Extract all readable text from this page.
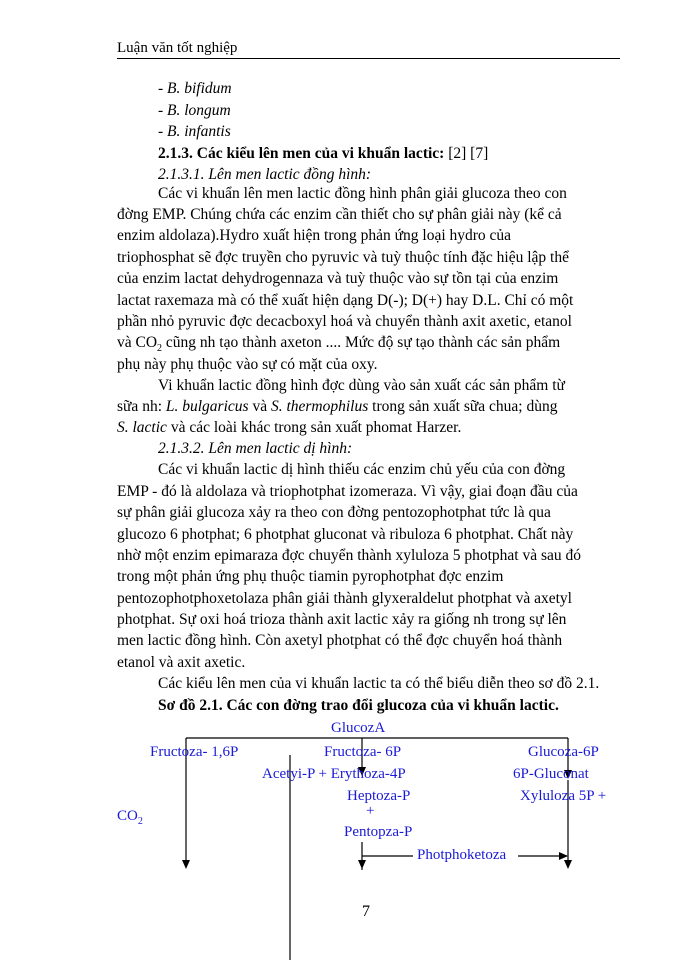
Luận văn tốt nghiệp
- B. bifidum
- B. longum
- B. infantis
2.1.3. Các kiểu lên men của vi khuẩn lactic: [2] [7]
2.1.3.1. Lên men lactic đồng hình:
Các vi khuẩn lên men lactic đồng hình phân giải glucoza theo con
đờng EMP. Chúng chứa các enzim cần thiết cho sự phân giải này (kể cả
enzim aldolaza).Hydro xuất hiện trong phản ứng loại hydro của
triophosphat sẽ đợc truyền cho pyruvic và tuỳ thuộc tính đặc hiệu lập thể
của enzim lactat dehydrogennaza và tuỳ thuộc vào sự tồn tại của enzim
lactat raxemaza mà có thể xuất hiện dạng D(-); D(+) hay D.L. Chỉ có một
phần nhỏ pyruvic đợc decacboxyl hoá và chuyển thành axit axetic, etanol
và $CO_2$ cũng nh tạo thành axeton .... Mức độ sự tạo thành các sản phẩm
phụ này phụ thuộc vào sự có mặt của oxy.
Vi khuẩn lactic đồng hình đợc dùng vào sản xuất các sản phẩm từ
sữa nh: L. bulgaricus và S. thermophilus trong sản xuất sữa chua; dùng
S. lactic và các loài khác trong sản xuất phomat Harzer.
2.1.3.2. Lên men lactic dị hình:
Các vi khuẩn lactic dị hình thiếu các enzim chủ yếu của con đờng
EMP - đó là aldolaza và triophotphat izomeraza. Vì vậy, giai đoạn đầu của
sự phân giải glucoza xảy ra theo con đờng pentozophotphat tức là qua
glucozo 6 photphat; 6 photphat gluconat và ribuloza 6 photphat. Chất này
nhờ một enzim epimaraza đợc chuyển thành xyluloza 5 photphat và sau đó
trong một phản ứng phụ thuộc tiamin pyrophotphat đợc enzim
pentozophotphoxetolaza phân giải thành glyxeraldelut photphat và axetyl
photphat. Sự oxi hoá trioza thành axit lactic xảy ra giống nh trong sự lên
men lactic đồng hình. Còn axetyl photphat có thể đợc chuyển hoá thành
etanol và axit axetic.
Các kiểu lên men của vi khuẩn lactic ta có thể biểu diễn theo sơ đồ 2.1.
Sơ đồ 2.1. Các con đờng trao đổi glucoza của vi khuẩn lactic.
GlucozA
Fructoza- 1,6P	Fructoza- 6P	Glucoza-6P
Acetyi-P + Erythoza-4P	6P-Gluconat
Heptoza-P	Xyluloza 5P +
$CO_2$
+
Pentopza-P
Photphoketoza
7
